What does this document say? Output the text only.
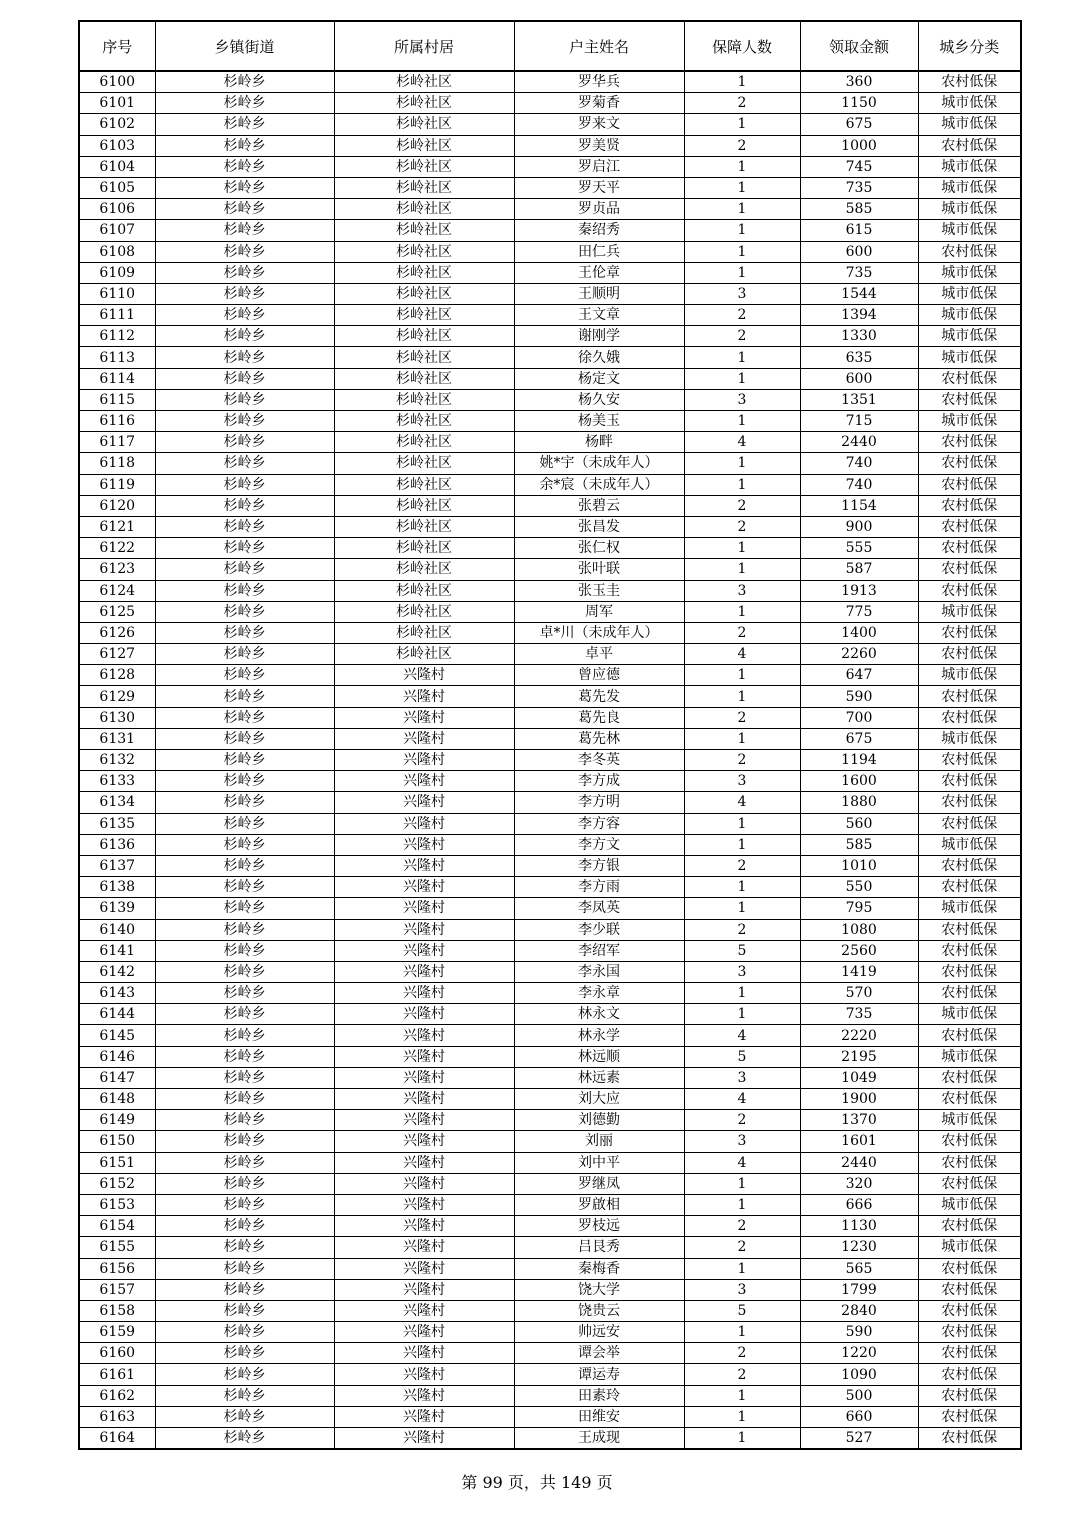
序号	乡镇街道	所属村居	户主姓名	保障人数	领取金额	城乡分类
6100	杉岭乡	杉岭社区	罗华兵	1	360	农村低保
6101	杉岭乡	杉岭社区	罗菊香	2	1150	城市低保
6102	杉岭乡	杉岭社区	罗来文	1	675	城市低保
6103	杉岭乡	杉岭社区	罗美贤	2	1000	农村低保
6104	杉岭乡	杉岭社区	罗启江	1	745	城市低保
6105	杉岭乡	杉岭社区	罗天平	1	735	城市低保
6106	杉岭乡	杉岭社区	罗贞品	1	585	城市低保
6107	杉岭乡	杉岭社区	秦绍秀	1	615	城市低保
6108	杉岭乡	杉岭社区	田仁兵	1	600	农村低保
6109	杉岭乡	杉岭社区	王伦章	1	735	城市低保
6110	杉岭乡	杉岭社区	王顺明	3	1544	城市低保
6111	杉岭乡	杉岭社区	王文章	2	1394	城市低保
6112	杉岭乡	杉岭社区	谢刚学	2	1330	城市低保
6113	杉岭乡	杉岭社区	徐久娥	1	635	城市低保
6114	杉岭乡	杉岭社区	杨定文	1	600	农村低保
6115	杉岭乡	杉岭社区	杨久安	3	1351	农村低保
6116	杉岭乡	杉岭社区	杨美玉	1	715	城市低保
6117	杉岭乡	杉岭社区	杨畔	4	2440	农村低保
6118	杉岭乡	杉岭社区	姚*宇（未成年人）	1	740	农村低保
6119	杉岭乡	杉岭社区	余*宸（未成年人）	1	740	农村低保
6120	杉岭乡	杉岭社区	张碧云	2	1154	农村低保
6121	杉岭乡	杉岭社区	张昌发	2	900	农村低保
6122	杉岭乡	杉岭社区	张仁权	1	555	农村低保
6123	杉岭乡	杉岭社区	张叶联	1	587	农村低保
6124	杉岭乡	杉岭社区	张玉圭	3	1913	农村低保
6125	杉岭乡	杉岭社区	周军	1	775	城市低保
6126	杉岭乡	杉岭社区	卓*川（未成年人）	2	1400	农村低保
6127	杉岭乡	杉岭社区	卓平	4	2260	农村低保
6128	杉岭乡	兴隆村	曾应德	1	647	城市低保
6129	杉岭乡	兴隆村	葛先发	1	590	农村低保
6130	杉岭乡	兴隆村	葛先良	2	700	农村低保
6131	杉岭乡	兴隆村	葛先林	1	675	城市低保
6132	杉岭乡	兴隆村	李冬英	2	1194	农村低保
6133	杉岭乡	兴隆村	李方成	3	1600	农村低保
6134	杉岭乡	兴隆村	李方明	4	1880	农村低保
6135	杉岭乡	兴隆村	李方容	1	560	农村低保
6136	杉岭乡	兴隆村	李方文	1	585	城市低保
6137	杉岭乡	兴隆村	李方银	2	1010	农村低保
6138	杉岭乡	兴隆村	李方雨	1	550	农村低保
6139	杉岭乡	兴隆村	李凤英	1	795	城市低保
6140	杉岭乡	兴隆村	李少联	2	1080	农村低保
6141	杉岭乡	兴隆村	李绍军	5	2560	农村低保
6142	杉岭乡	兴隆村	李永国	3	1419	农村低保
6143	杉岭乡	兴隆村	李永章	1	570	农村低保
6144	杉岭乡	兴隆村	林永文	1	735	城市低保
6145	杉岭乡	兴隆村	林永学	4	2220	农村低保
6146	杉岭乡	兴隆村	林远顺	5	2195	城市低保
6147	杉岭乡	兴隆村	林远素	3	1049	农村低保
6148	杉岭乡	兴隆村	刘大应	4	1900	农村低保
6149	杉岭乡	兴隆村	刘德勤	2	1370	城市低保
6150	杉岭乡	兴隆村	刘丽	3	1601	农村低保
6151	杉岭乡	兴隆村	刘中平	4	2440	农村低保
6152	杉岭乡	兴隆村	罗继凤	1	320	农村低保
6153	杉岭乡	兴隆村	罗啟相	1	666	城市低保
6154	杉岭乡	兴隆村	罗枝远	2	1130	农村低保
6155	杉岭乡	兴隆村	吕艮秀	2	1230	城市低保
6156	杉岭乡	兴隆村	秦梅香	1	565	农村低保
6157	杉岭乡	兴隆村	饶大学	3	1799	农村低保
6158	杉岭乡	兴隆村	饶贵云	5	2840	农村低保
6159	杉岭乡	兴隆村	帅远安	1	590	农村低保
6160	杉岭乡	兴隆村	谭会举	2	1220	农村低保
6161	杉岭乡	兴隆村	谭运寿	2	1090	农村低保
6162	杉岭乡	兴隆村	田素玲	1	500	农村低保
6163	杉岭乡	兴隆村	田维安	1	660	农村低保
6164	杉岭乡	兴隆村	王成现	1	527	农村低保
第 99 页，共 149 页
